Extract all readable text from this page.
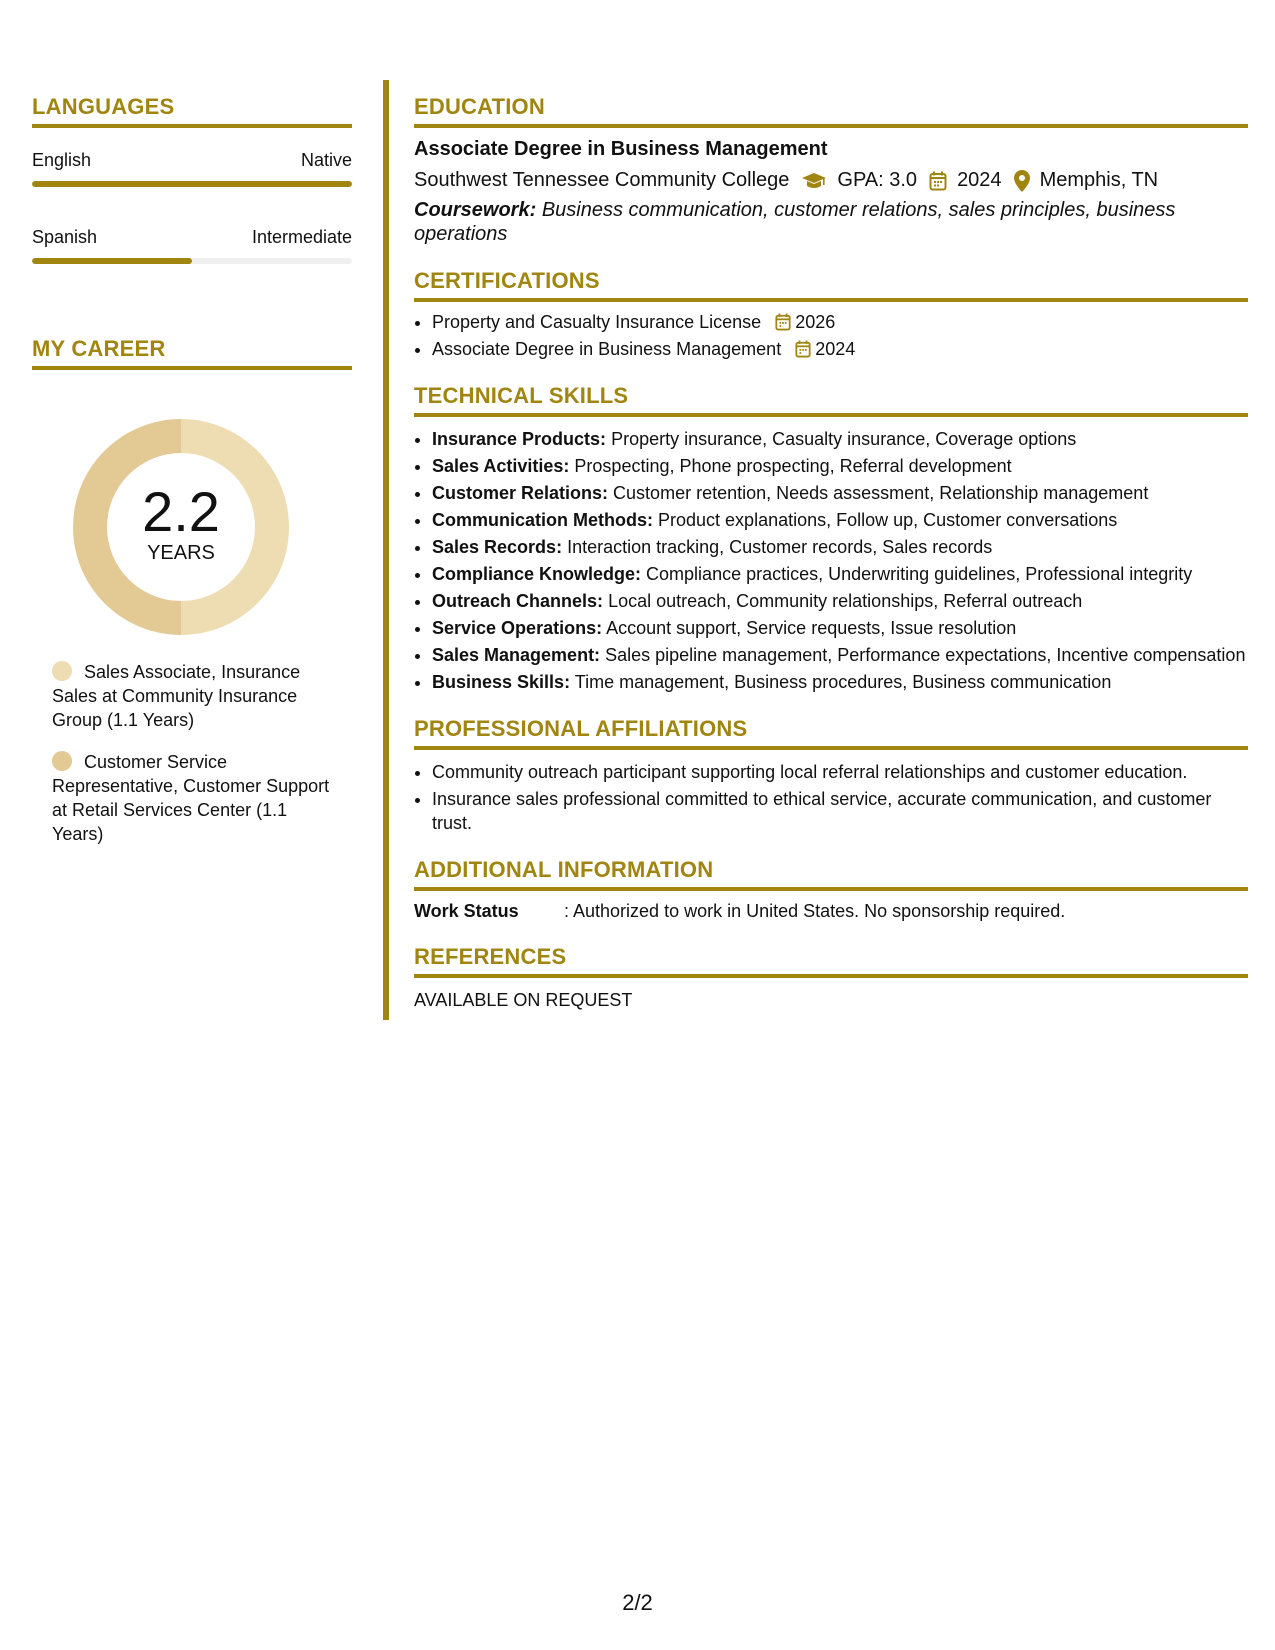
LANGUAGES
English	Native
Spanish	Intermediate
MY CAREER
2.2
YEARS
Sales Associate, Insurance Sales at Community Insurance Group (1.1 Years)
Customer Service Representative, Customer Support at Retail Services Center (1.1 Years)
EDUCATION
Associate Degree in Business Management
Southwest Tennessee Community College GPA: 3.0 2024 Memphis, TN
Coursework: Business communication, customer relations, sales principles, business operations
CERTIFICATIONS
• Property and Casualty Insurance License 2026
• Associate Degree in Business Management 2024
TECHNICAL SKILLS
• Insurance Products: Property insurance, Casualty insurance, Coverage options
• Sales Activities: Prospecting, Phone prospecting, Referral development
• Customer Relations: Customer retention, Needs assessment, Relationship management
• Communication Methods: Product explanations, Follow up, Customer conversations
• Sales Records: Interaction tracking, Customer records, Sales records
• Compliance Knowledge: Compliance practices, Underwriting guidelines, Professional integrity
• Outreach Channels: Local outreach, Community relationships, Referral outreach
• Service Operations: Account support, Service requests, Issue resolution
• Sales Management: Sales pipeline management, Performance expectations, Incentive compensation
• Business Skills: Time management, Business procedures, Business communication
PROFESSIONAL AFFILIATIONS
• Community outreach participant supporting local referral relationships and customer education.
• Insurance sales professional committed to ethical service, accurate communication, and customer trust.
ADDITIONAL INFORMATION
Work Status	: Authorized to work in United States. No sponsorship required.
REFERENCES
AVAILABLE ON REQUEST
2/2
